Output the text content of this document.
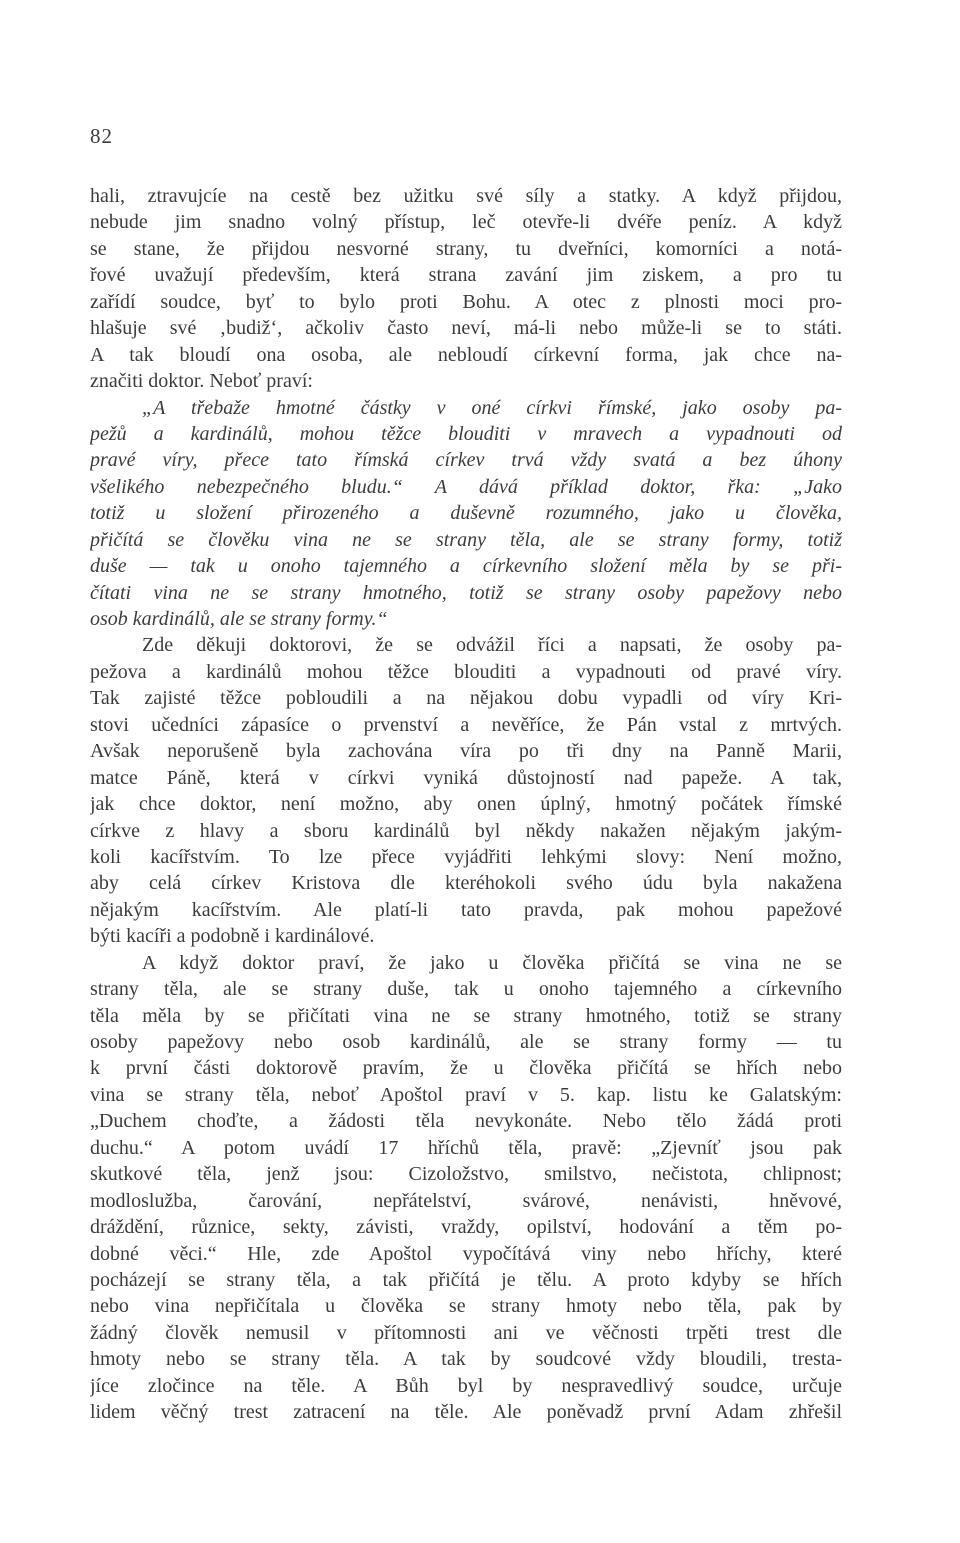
82
hali, ztravujcíe na cestě bez užitku své síly a statky. A když přijdou,
nebude jim snadno volný přístup, leč otevře-li dvéře peníz. A když
se stane, že přijdou nesvorné strany, tu dveřníci, komorníci a notá-
řové uvažují především, která strana zavání jim ziskem, a pro tu
zařídí soudce, byť to bylo proti Bohu. A otec z plnosti moci pro-
hlašuje své ‚budiž‘, ačkoliv často neví, má-li nebo může-li se to státi.
A tak bloudí ona osoba, ale nebloudí církevní forma, jak chce na-
značiti doktor. Neboť praví:
„A třebaže hmotné částky v oné církvi římské, jako osoby pa-
pežů a kardinálů, mohou těžce blouditi v mravech a vypadnouti od
pravé víry, přece tato římská církev trvá vždy svatá a bez úhony
všelikého nebezpečného bludu.“ A dává příklad doktor, řka: „Jako
totiž u složení přirozeného a duševně rozumného, jako u člověka,
přičítá se člověku vina ne se strany těla, ale se strany formy, totiž
duše — tak u onoho tajemného a církevního složení měla by se při-
čítati vina ne se strany hmotného, totiž se strany osoby papežovy nebo
osob kardinálů, ale se strany formy.“
Zde děkuji doktorovi, že se odvážil říci a napsati, že osoby pa-
pežova a kardinálů mohou těžce blouditi a vypadnouti od pravé víry.
Tak zajisté těžce pobloudili a na nějakou dobu vypadli od víry Kri-
stovi učedníci zápasíce o prvenství a nevěříce, že Pán vstal z mrtvých.
Avšak neporušeně byla zachována víra po tři dny na Panně Marii,
matce Páně, která v církvi vyniká důstojností nad papeže. A tak,
jak chce doktor, není možno, aby onen úplný, hmotný počátek římské
církve z hlavy a sboru kardinálů byl někdy nakažen nějakým jakým-
koli kacířstvím. To lze přece vyjádřiti lehkými slovy: Není možno,
aby celá církev Kristova dle kteréhokoli svého údu byla nakažena
nějakým kacířstvím. Ale platí-li tato pravda, pak mohou papežové
býti kacíři a podobně i kardinálové.
A když doktor praví, že jako u člověka přičítá se vina ne se
strany těla, ale se strany duše, tak u onoho tajemného a církevního
těla měla by se přičítati vina ne se strany hmotného, totiž se strany
osoby papežovy nebo osob kardinálů, ale se strany formy — tu
k první části doktorově pravím, že u člověka přičítá se hřích nebo
vina se strany těla, neboť Apoštol praví v 5. kap. listu ke Galatským:
„Duchem choďte, a žádosti těla nevykonáte. Nebo tělo žádá proti
duchu.“ A potom uvádí 17 hříchů těla, pravě: „Zjevníť jsou pak
skutkové těla, jenž jsou: Cizoložstvo, smilstvo, nečistota, chlipnost;
modloslužba, čarování, nepřátelství, svárové, nenávisti, hněvové,
dráždění, různice, sekty, závisti, vraždy, opilství, hodování a těm po-
dobné věci.“ Hle, zde Apoštol vypočítává viny nebo hříchy, které
pocházejí se strany těla, a tak přičítá je tělu. A proto kdyby se hřích
nebo vina nepřičítala u člověka se strany hmoty nebo těla, pak by
žádný člověk nemusil v přítomnosti ani ve věčnosti trpěti trest dle
hmoty nebo se strany těla. A tak by soudcové vždy bloudili, tresta-
jíce zločince na těle. A Bůh byl by nespravedlivý soudce, určuje
lidem věčný trest zatracení na těle. Ale poněvadž první Adam zhřešil
